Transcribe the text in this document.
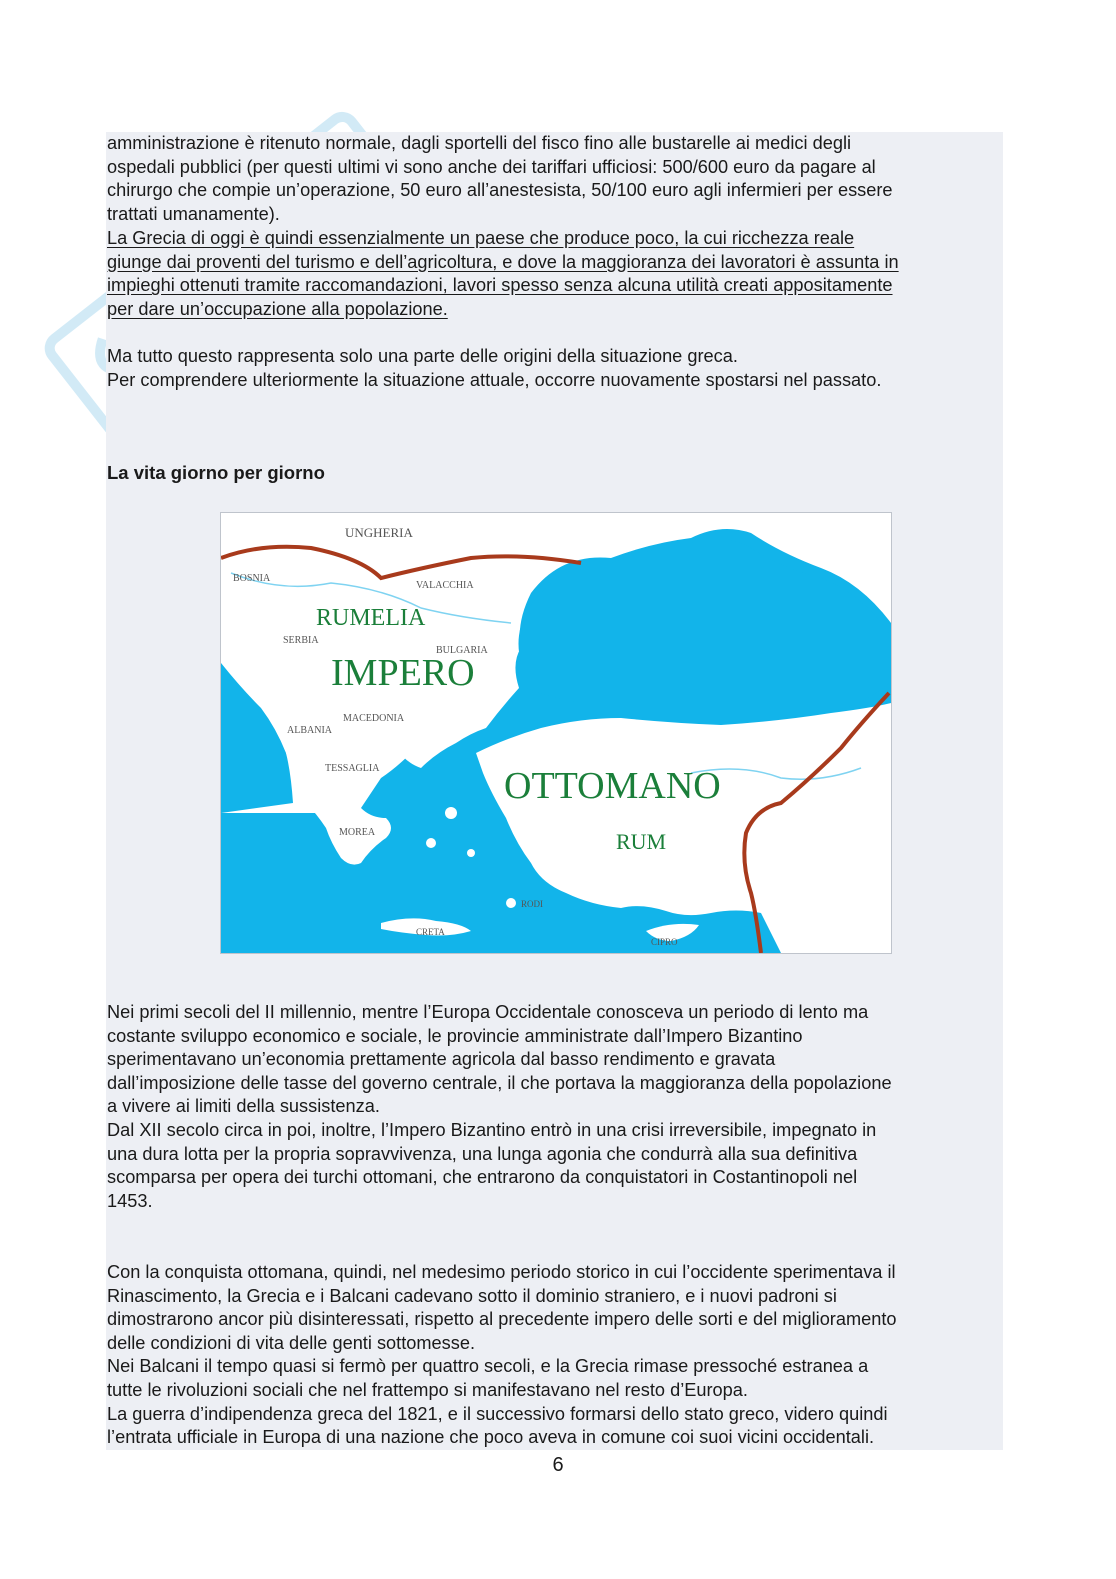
amministrazione è ritenuto normale, dagli sportelli del fisco fino alle bustarelle ai medici degli
ospedali pubblici (per questi ultimi vi sono anche dei tariffari ufficiosi: 500/600 euro da pagare al
chirurgo che compie un’operazione, 50 euro all’anestesista, 50/100 euro agli infermieri per essere
trattati umanamente).
La Grecia di oggi è quindi essenzialmente un paese che produce poco, la cui ricchezza reale
giunge dai proventi del turismo e dell’agricoltura, e dove la maggioranza dei lavoratori è assunta in
impieghi ottenuti tramite raccomandazioni, lavori spesso senza alcuna utilità creati appositamente
per dare un’occupazione alla popolazione.
Ma tutto questo rappresenta solo una parte delle origini della situazione greca.
Per comprendere ulteriormente la situazione attuale, occorre nuovamente spostarsi nel passato.
La vita giorno per giorno
UNGHERIA
BOSNIA
VALACCHIA
RUMELIA
SERBIA
BULGARIA
IMPERO
MACEDONIA
ALBANIA
TESSAGLIA	OTTOMANO
MOREA	RUM
RODI
CRETA
CIPRO
Nei primi secoli del II millennio, mentre l’Europa Occidentale conosceva un periodo di lento ma
costante sviluppo economico e sociale, le provincie amministrate dall’Impero Bizantino
sperimentavano un’economia prettamente agricola dal basso rendimento e gravata
dall’imposizione delle tasse del governo centrale, il che portava la maggioranza della popolazione
a vivere ai limiti della sussistenza.
Dal XII secolo circa in poi, inoltre, l’Impero Bizantino entrò in una crisi irreversibile, impegnato in
una dura lotta per la propria sopravvivenza, una lunga agonia che condurrà alla sua definitiva
scomparsa per opera dei turchi ottomani, che entrarono da conquistatori in Costantinopoli nel
1453.
Con la conquista ottomana, quindi, nel medesimo periodo storico in cui l’occidente sperimentava il
Rinascimento, la Grecia e i Balcani cadevano sotto il dominio straniero, e i nuovi padroni si
dimostrarono ancor più disinteressati, rispetto al precedente impero delle sorti e del miglioramento
delle condizioni di vita delle genti sottomesse.
Nei Balcani il tempo quasi si fermò per quattro secoli, e la Grecia rimase pressoché estranea a
tutte le rivoluzioni sociali che nel frattempo si manifestavano nel resto d’Europa.
La guerra d’indipendenza greca del 1821, e il successivo formarsi dello stato greco, videro quindi
l’entrata ufficiale in Europa di una nazione che poco aveva in comune coi suoi vicini occidentali.
6
